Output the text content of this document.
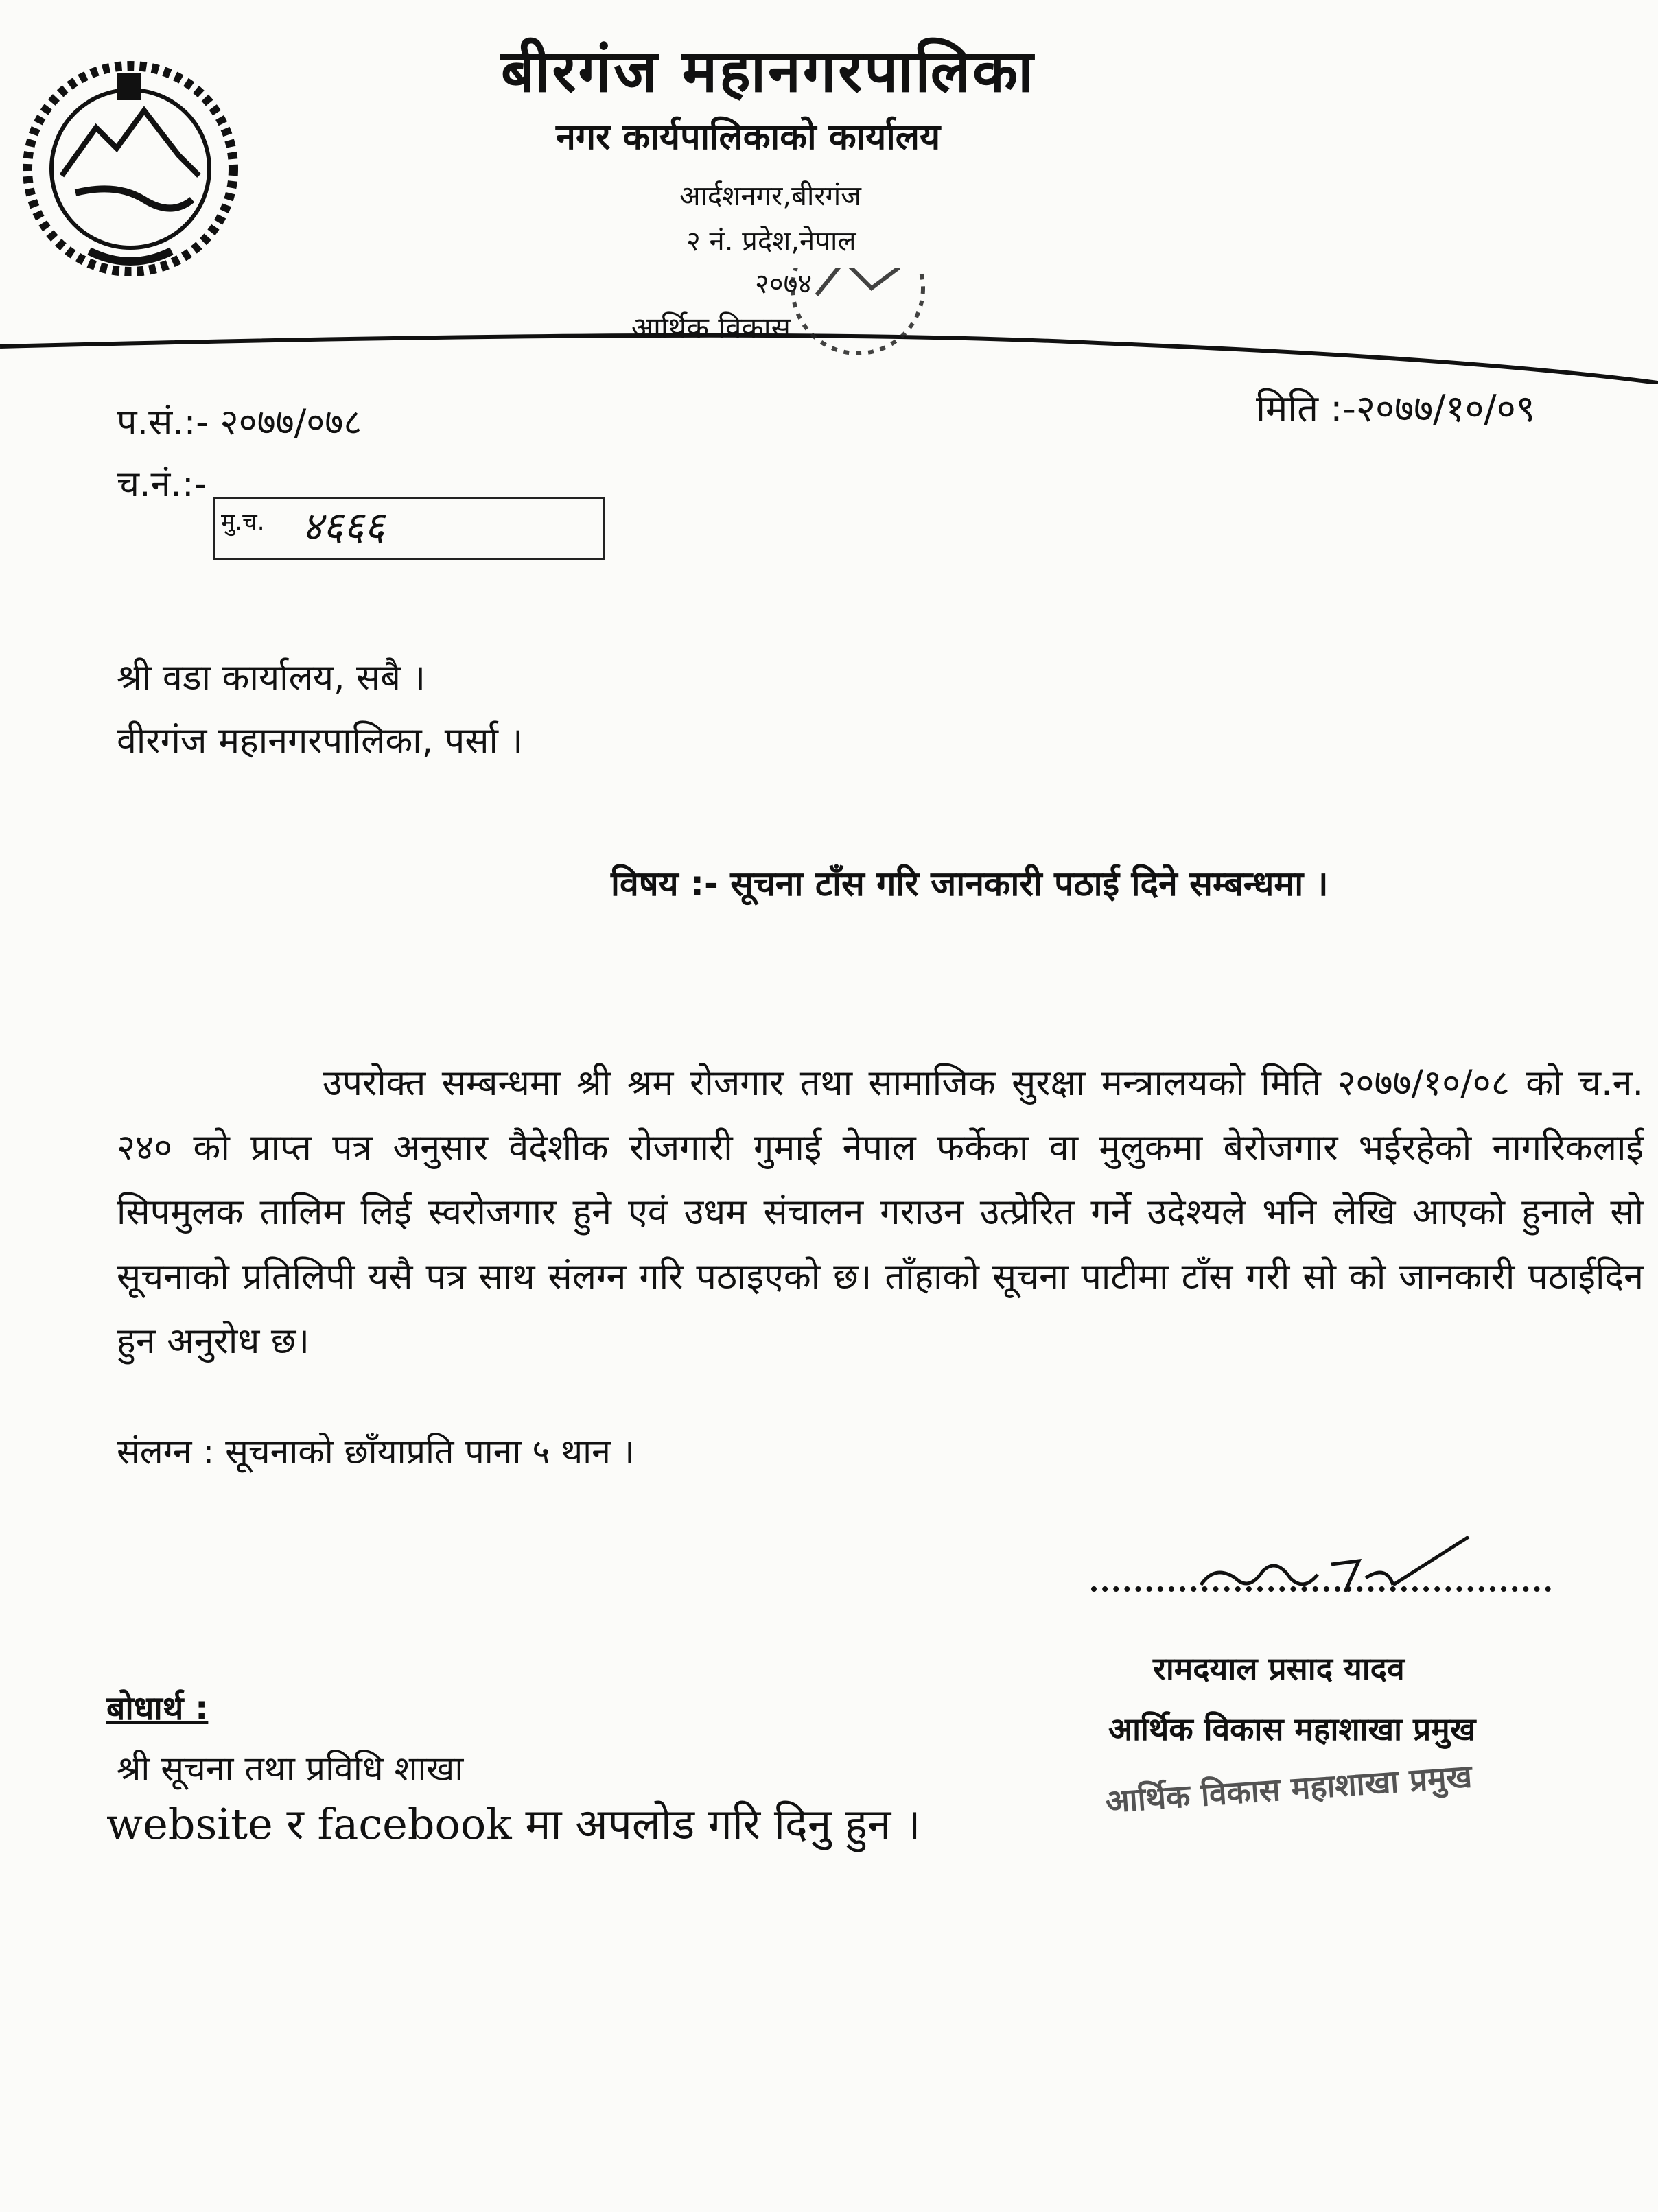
बीरगंज महानगरपालिका
नगर कार्यपालिकाको कार्यालय
आर्दशनगर,बीरगंज
२ नं. प्रदेश,नेपाल
२०७४
आर्थिक विकास
प.सं.:- २०७७/०७८
च.नं.:-
मिति :-२०७७/१०/०९
मु.च. ४६६६
श्री वडा कार्यालय, सबै ।
वीरगंज महानगरपालिका, पर्सा ।
विषय :- सूचना टाँस गरि जानकारी पठाई दिने सम्बन्धमा ।
उपरोक्त सम्बन्धमा श्री श्रम रोजगार तथा सामाजिक सुरक्षा मन्त्रालयको मिति २०७७/१०/०८ को च.न. २४० को प्राप्त पत्र अनुसार वैदेशीक रोजगारी गुमाई नेपाल फर्केका वा मुलुकमा बेरोजगार भईरहेको नागरिकलाई सिपमुलक तालिम लिई स्वरोजगार हुने एवं उधम संचालन गराउन उत्प्रेरित गर्ने उदेश्यले भनि लेखि आएको हुनाले सो सूचनाको प्रतिलिपी यसै पत्र साथ संलग्न गरि पठाइएको छ। ताँहाको सूचना पाटीमा टाँस गरी सो को जानकारी पठाईदिन हुन अनुरोध छ।
संलग्न : सूचनाको छाँयाप्रति पाना ५ थान ।
रामदयाल प्रसाद यादव
आर्थिक विकास महाशाखा प्रमुख
आर्थिक विकास महाशाखा प्रमुख
बोधार्थ :
श्री सूचना तथा प्रविधि शाखा
website र facebook मा अपलोड गरि दिनु हुन ।
